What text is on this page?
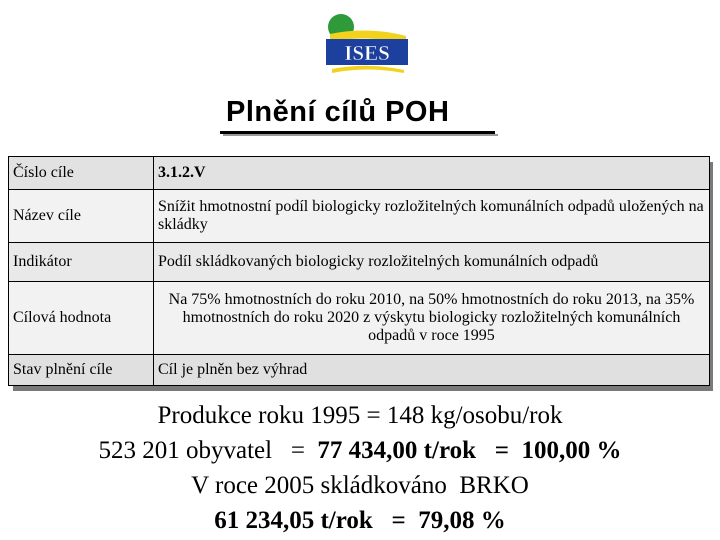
ISES
Plnění cílů POH
Číslo cíle	3.1.2.V
Název cíle	Snížit hmotnostní podíl biologicky rozložitelných komunálních odpadů uložených na skládky
Indikátor	Podíl skládkovaných biologicky rozložitelných komunálních odpadů
Cílová hodnota	Na 75% hmotnostních do roku 2010, na 50% hmotnostních do roku 2013, na 35% hmotnostních do roku 2020 z výskytu biologicky rozložitelných komunálních odpadů v roce 1995
Stav plnění cíle	Cíl je plněn bez výhrad
Produkce roku 1995 = 148 kg/osobu/rok
523 201 obyvatel   =  77 434,00 t/rok   =  100,00 %
V roce 2005 skládkováno  BRKO
61 234,05 t/rok   =  79,08 %
